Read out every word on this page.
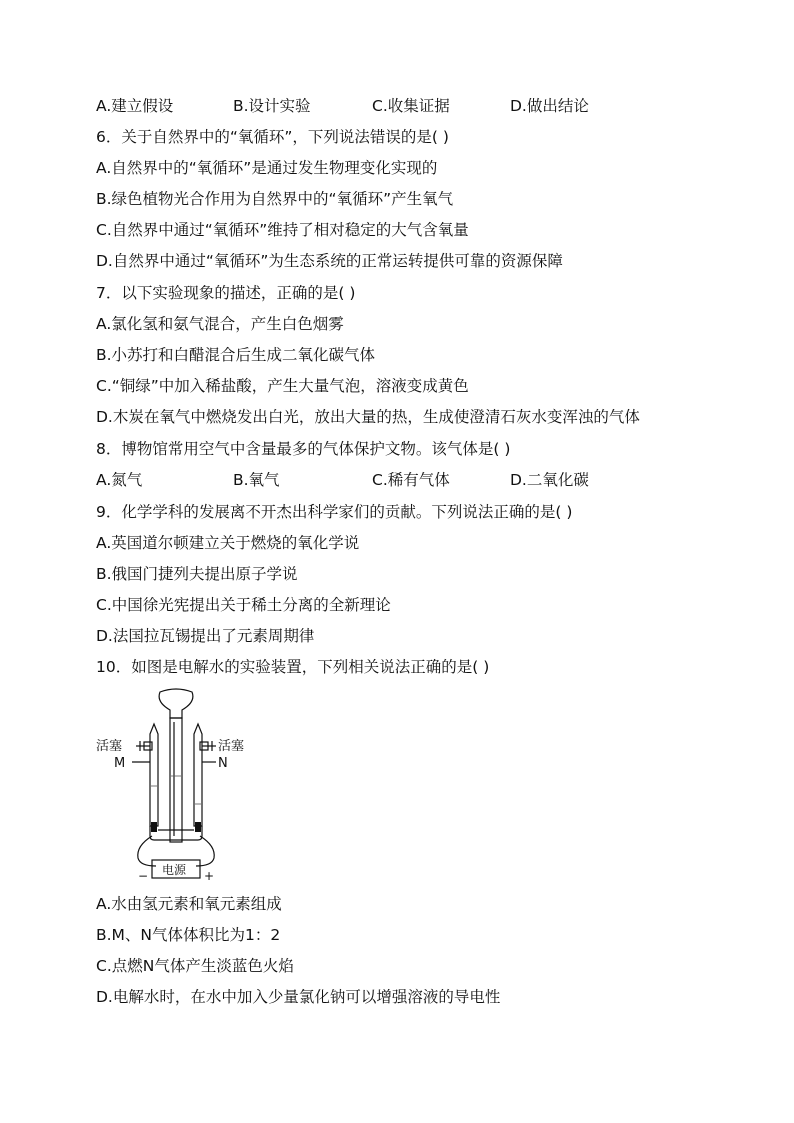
A.建立假设	B.设计实验	C.收集证据	D.做出结论
6．关于自然界中的“氧循环”，下列说法错误的是( )
A.自然界中的“氧循环”是通过发生物理变化实现的
B.绿色植物光合作用为自然界中的“氧循环”产生氧气
C.自然界中通过“氧循环”维持了相对稳定的大气含氧量
D.自然界中通过“氧循环”为生态系统的正常运转提供可靠的资源保障
7．以下实验现象的描述，正确的是( )
A.氯化氢和氨气混合，产生白色烟雾
B.小苏打和白醋混合后生成二氧化碳气体
C.“铜绿”中加入稀盐酸，产生大量气泡，溶液变成黄色
D.木炭在氧气中燃烧发出白光，放出大量的热，生成使澄清石灰水变浑浊的气体
8．博物馆常用空气中含量最多的气体保护文物。该气体是( )
A.氮气	B.氧气	C.稀有气体	D.二氧化碳
9．化学学科的发展离不开杰出科学家们的贡献。下列说法正确的是( )
A.英国道尔顿建立关于燃烧的氧化学说
B.俄国门捷列夫提出原子学说
C.中国徐光宪提出关于稀土分离的全新理论
D.法国拉瓦锡提出了元素周期律
10．如图是电解水的实验装置，下列相关说法正确的是( )
活塞	活塞
M	N
电源
−	+
A.水由氢元素和氧元素组成
B.M、N气体体积比为1：2
C.点燃N气体产生淡蓝色火焰
D.电解水时，在水中加入少量氯化钠可以增强溶液的导电性
